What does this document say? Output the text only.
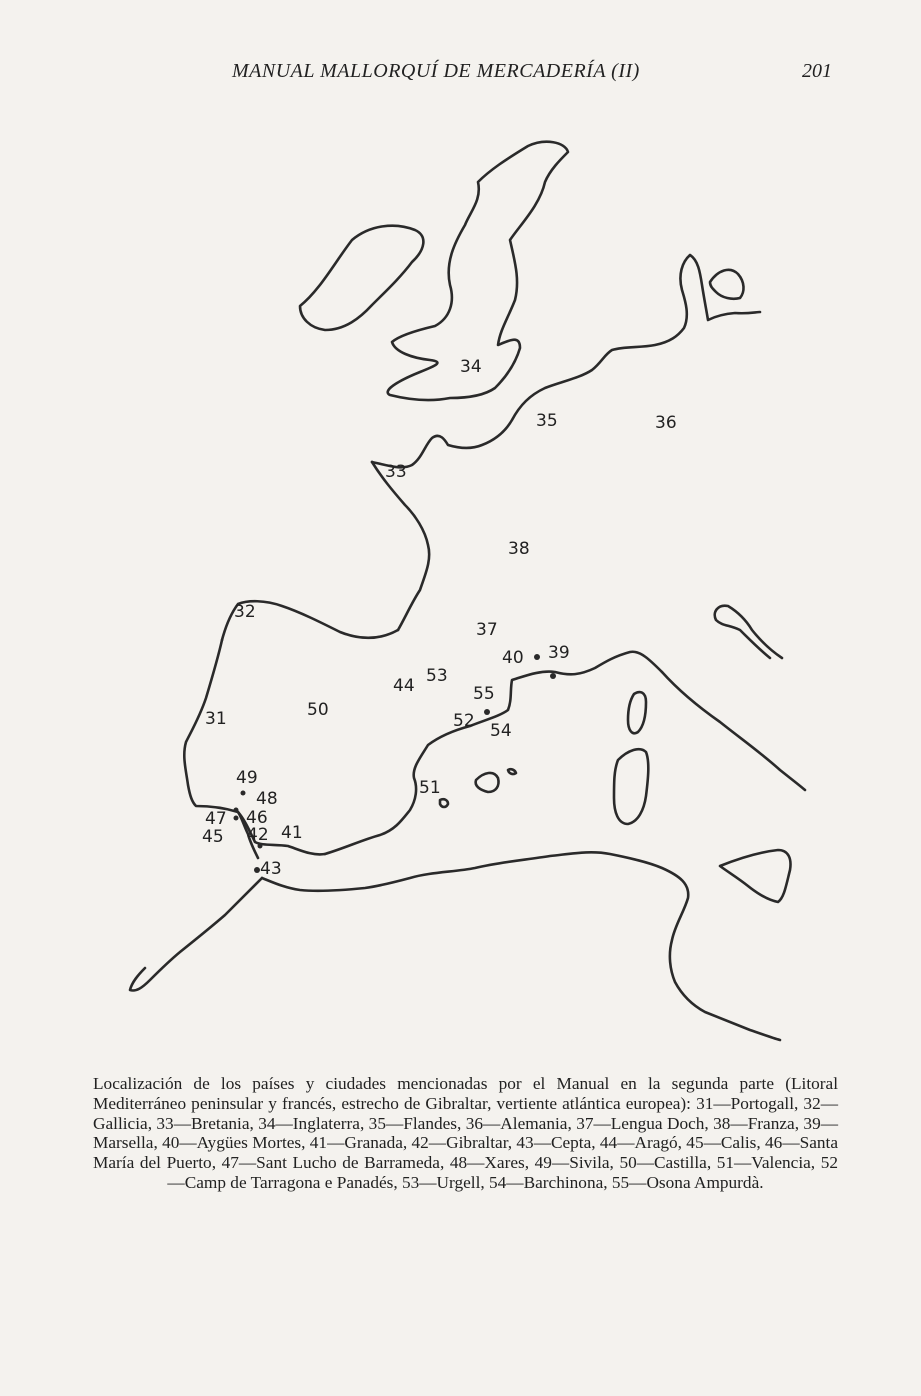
MANUAL MALLORQUÍ DE MERCADERÍA (II)	201
31
32
33
34
35	36
37
38
39
40
41
42
43
44
45
46
47
48
49
50
51
52
53
54
55
Localización de los países y ciudades mencionadas por el Manual en la segunda parte (Litoral Mediterráneo peninsular y francés, estrecho de Gibraltar, vertiente atlántica europea): 31—Portogall, 32—Gallicia, 33—Bretania, 34—Inglaterra, 35—Flandes, 36—Alemania, 37—Lengua Doch, 38—Franza, 39—Marsella, 40—Aygües Mortes, 41—Granada, 42—Gibraltar, 43—Cepta, 44—Aragó, 45—Calis, 46—Santa María del Puerto, 47—Sant Lucho de Barrameda, 48—Xares, 49—Sivila, 50—Castilla, 51—Valencia, 52—Camp de Tarragona e Panadés, 53—Urgell, 54—Barchinona, 55—Osona Ampurdà.
